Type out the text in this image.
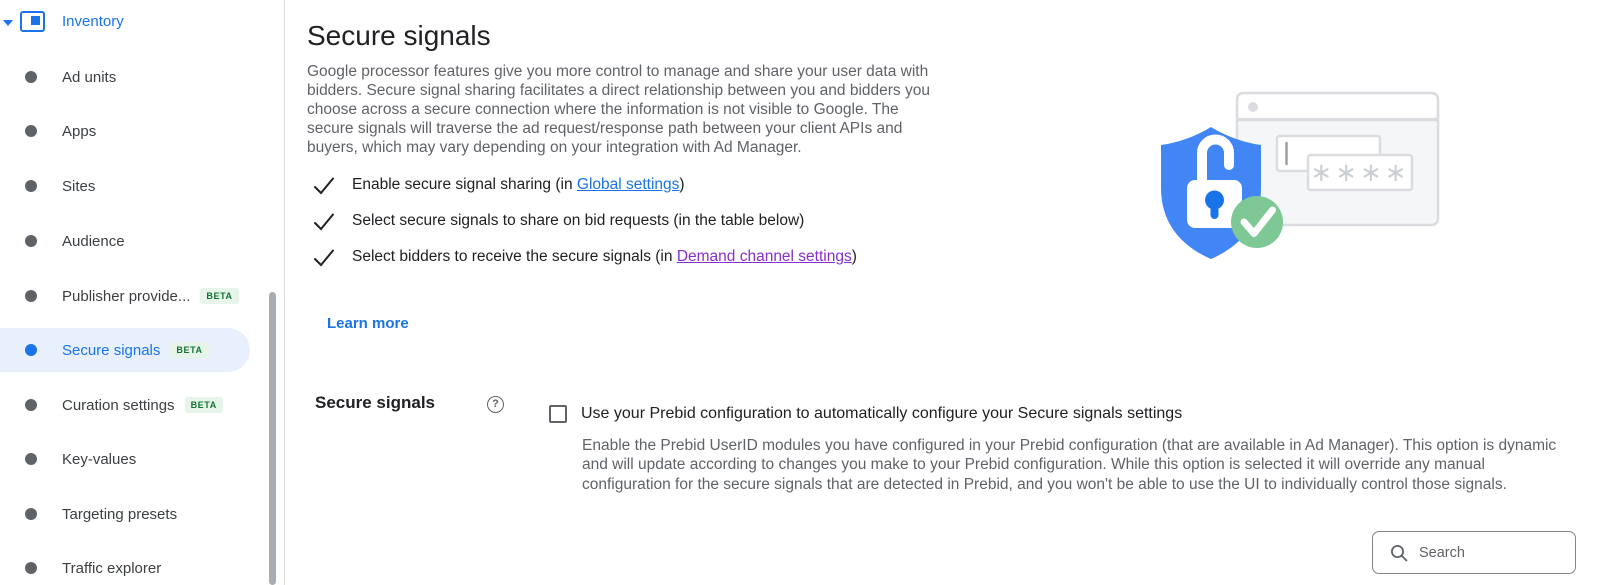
Inventory
Ad units
Apps
Sites
Audience
Publisher provide... BETA
Secure signals BETA
Curation settings BETA
Key-values
Targeting presets
Traffic explorer
Secure signals

Google processor features give you more control to manage and share your user data with bidders. Secure signal sharing facilitates a direct relationship between you and bidders you choose across a secure connection where the information is not visible to Google. The secure signals will traverse the ad request/response path between your client APIs and buyers, which may vary depending on your integration with Ad Manager.

Enable secure signal sharing (in Global settings)
Select secure signals to share on bid requests (in the table below)
Select bidders to receive the secure signals (in Demand channel settings)
Learn more
Secure signals	?
Use your Prebid configuration to automatically configure your Secure signals settings
Enable the Prebid UserID modules you have configured in your Prebid configuration (that are available in Ad Manager). This option is dynamic and will update according to changes you make to your Prebid configuration. While this option is selected it will override any manual configuration for the secure signals that are detected in Prebid, and you won't be able to use the UI to individually control those signals.
∗∗∗∗
Search
